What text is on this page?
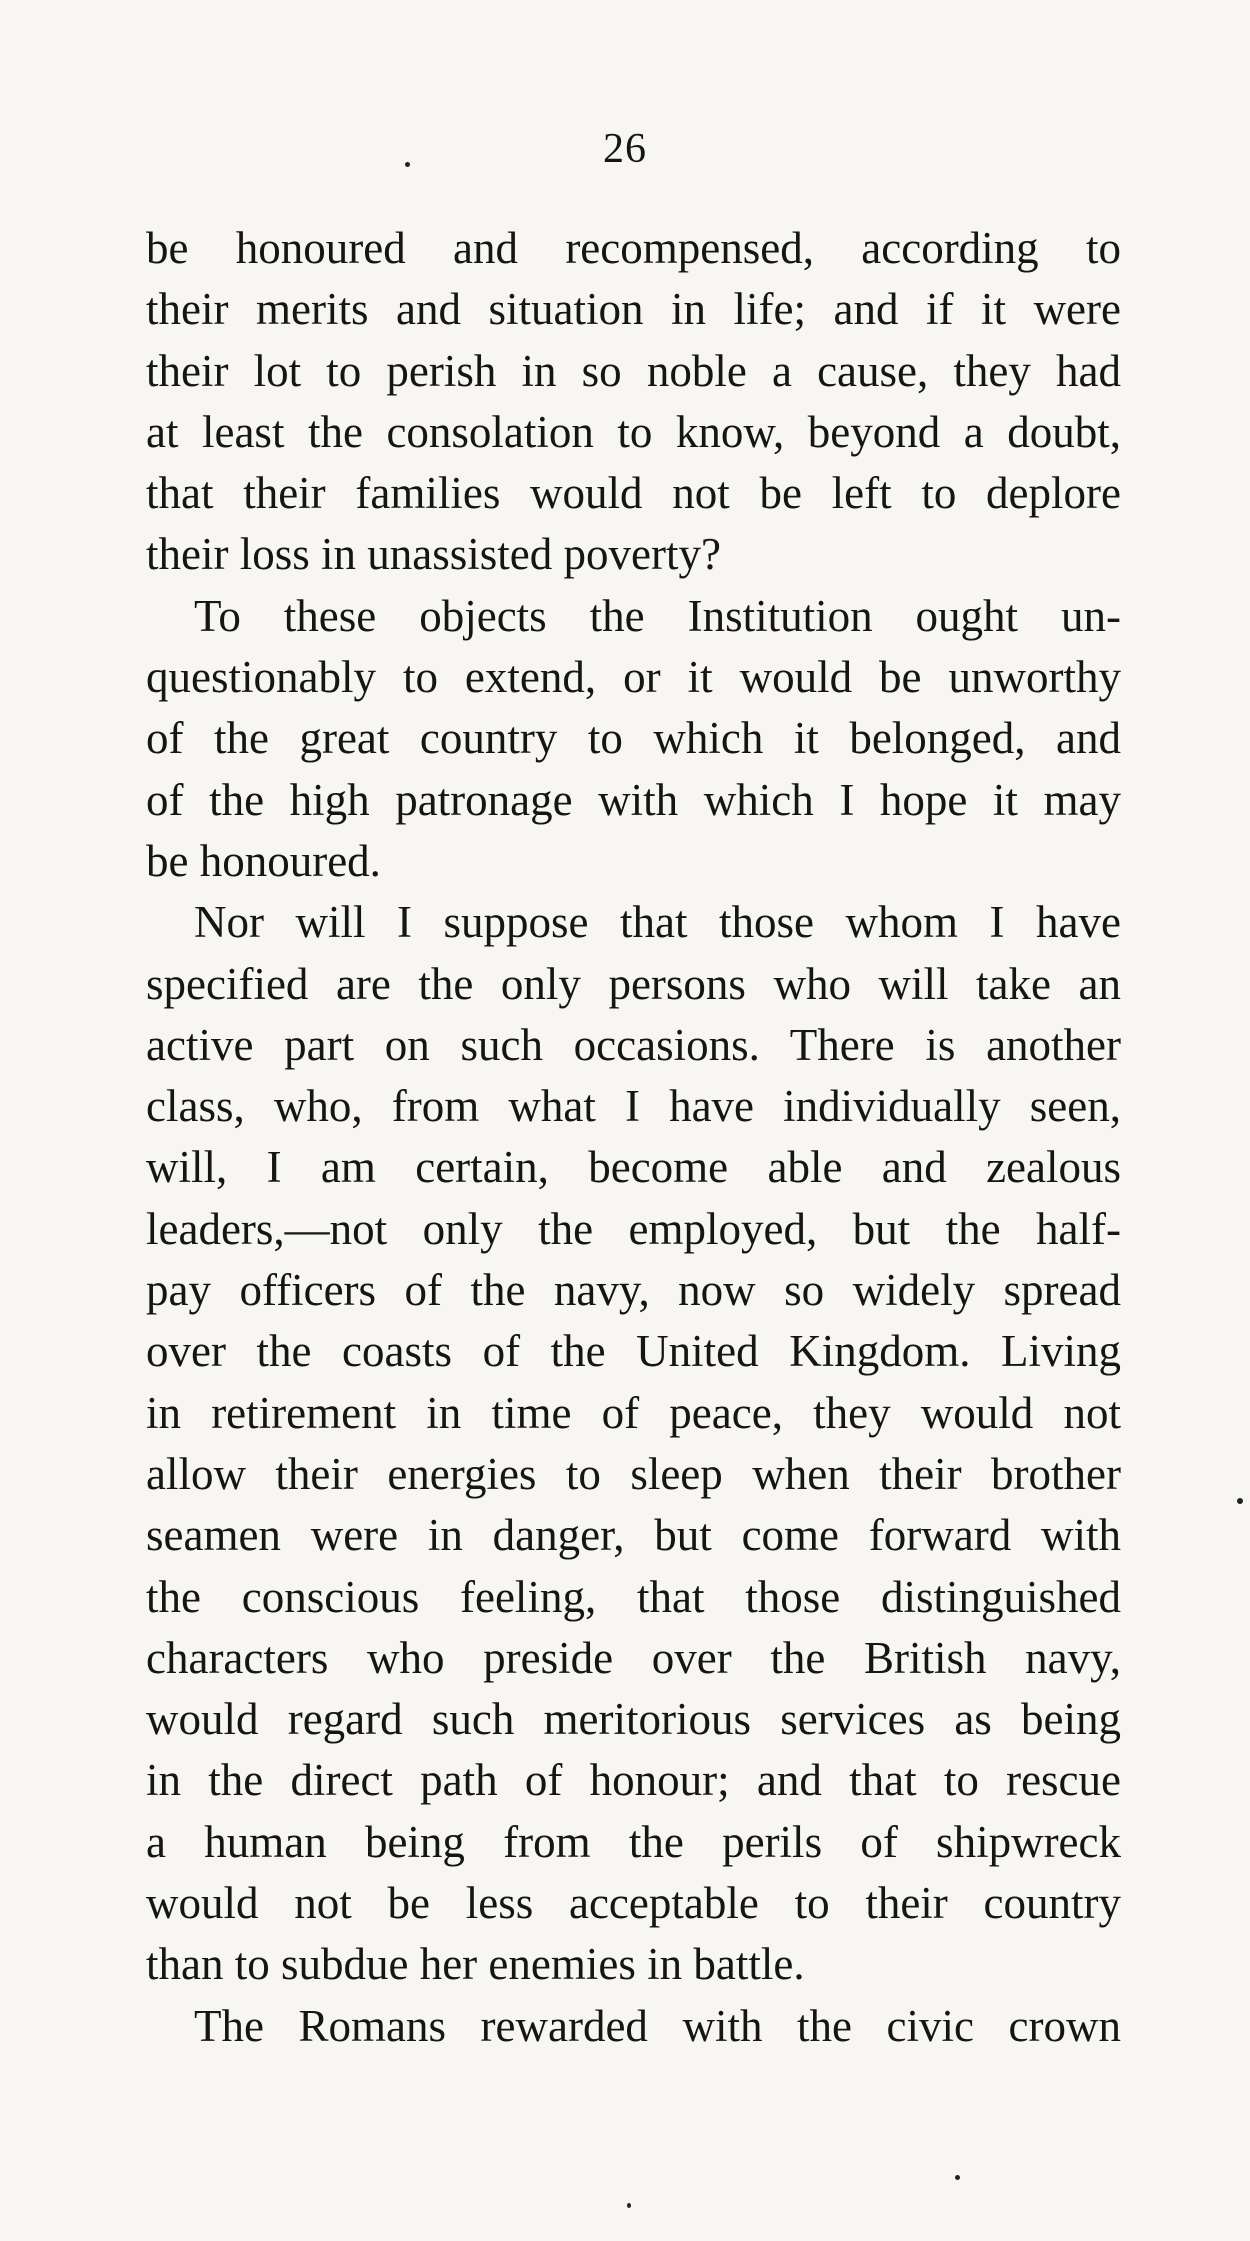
26
be honoured and recompensed, according to
their merits and situation in life; and if it were
their lot to perish in so noble a cause, they had
at least the consolation to know, beyond a doubt,
that their families would not be left to deplore
their loss in unassisted poverty?
To these objects the Institution ought un-
questionably to extend, or it would be unworthy
of the great country to which it belonged, and
of the high patronage with which I hope it may
be honoured.
Nor will I suppose that those whom I have
specified are the only persons who will take an
active part on such occasions. There is another
class, who, from what I have individually seen,
will, I am certain, become able and zealous
leaders,—not only the employed, but the half-
pay officers of the navy, now so widely spread
over the coasts of the United Kingdom. Living
in retirement in time of peace, they would not
allow their energies to sleep when their brother
seamen were in danger, but come forward with
the conscious feeling, that those distinguished
characters who preside over the British navy,
would regard such meritorious services as being
in the direct path of honour; and that to rescue
a human being from the perils of shipwreck
would not be less acceptable to their country
than to subdue her enemies in battle.
The Romans rewarded with the civic crown
